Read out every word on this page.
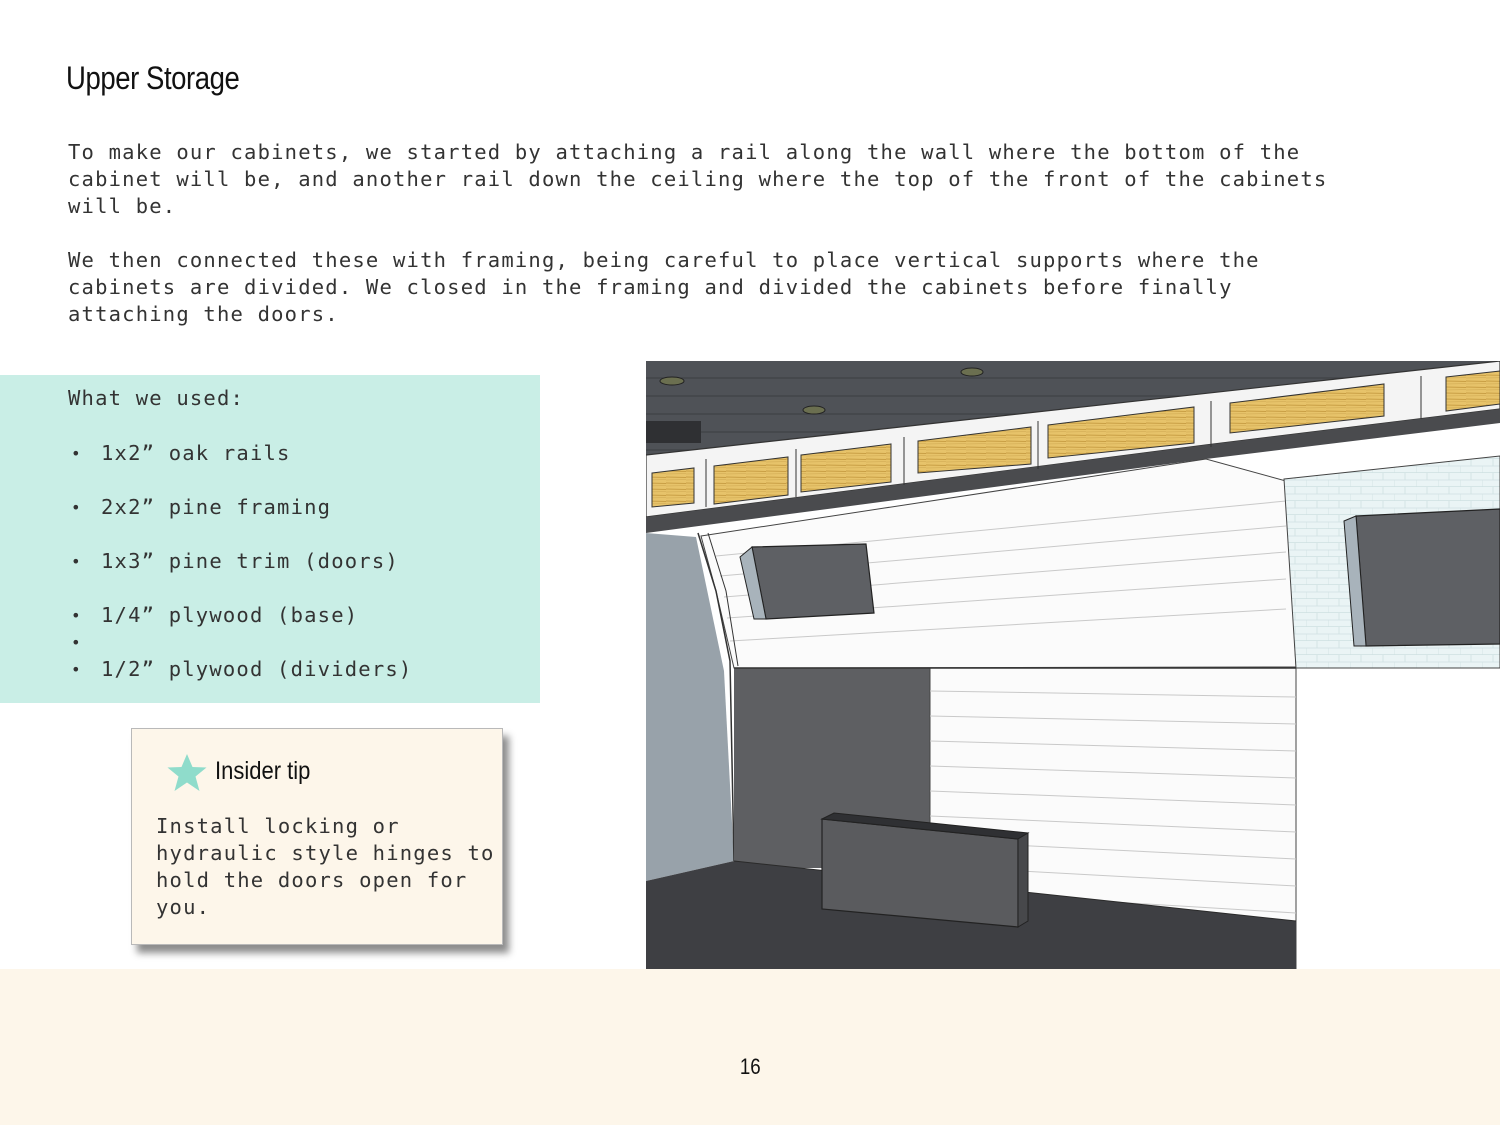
Upper Storage

To make our cabinets, we started by attaching a rail along the wall where the bottom of the cabinet will be, and another rail down the ceiling where the top of the front of the cabinets will be.

We then connected these with framing, being careful to place vertical supports where the cabinets are divided. We closed in the framing and divided the cabinets before finally attaching the doors.

What we used:
• 1x2” oak rails
• 2x2” pine framing
• 1x3” pine trim (doors)
• 1/4” plywood (base)
•
• 1/2” plywood (dividers)
Insider tip
Install locking or hydraulic style hinges to hold the doors open for you.
16
